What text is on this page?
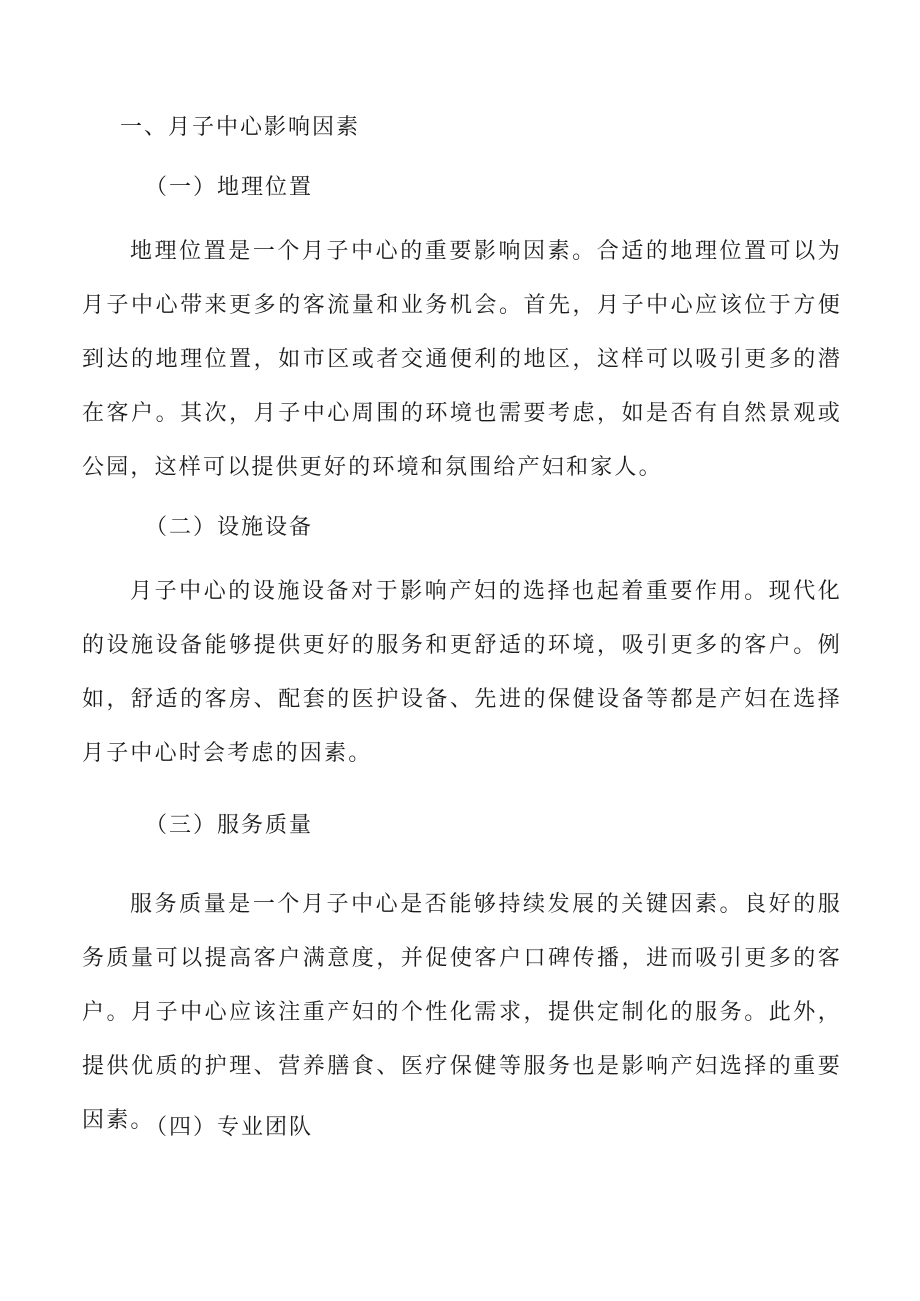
一、月子中心影响因素
（一）地理位置

地理位置是一个月子中心的重要影响因素。合适的地理位置可以为月子中心带来更多的客流量和业务机会。首先，月子中心应该位于方便到达的地理位置，如市区或者交通便利的地区，这样可以吸引更多的潜在客户。其次，月子中心周围的环境也需要考虑，如是否有自然景观或公园，这样可以提供更好的环境和氛围给产妇和家人。

（二）设施设备

月子中心的设施设备对于影响产妇的选择也起着重要作用。现代化的设施设备能够提供更好的服务和更舒适的环境，吸引更多的客户。例如，舒适的客房、配套的医护设备、先进的保健设备等都是产妇在选择月子中心时会考虑的因素。

（三）服务质量

服务质量是一个月子中心是否能够持续发展的关键因素。良好的服务质量可以提高客户满意度，并促使客户口碑传播，进而吸引更多的客户。月子中心应该注重产妇的个性化需求，提供定制化的服务。此外，提供优质的护理、营养膳食、医疗保健等服务也是影响产妇选择的重要因素。

（四）专业团队
